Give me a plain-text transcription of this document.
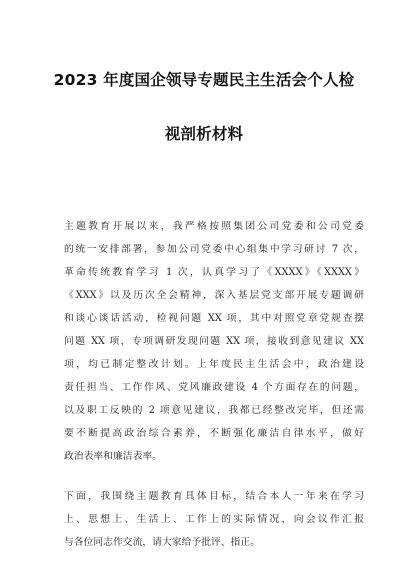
2023 年度国企领导专题民主生活会个人检
视剖析材料
主题教育开展以来，我严格按照集团公司党委和公司党委
的统一安排部署，参加公司党委中心组集中学习研讨 7 次，
革命传统教育学习 1 次，认真学习了《XXXX》《XXXX》
《XXX》以及历次全会精神，深入基层党支部开展专题调研
和谈心谈话活动，检视问题 XX 项，其中对照党章党规查摆
问题 XX 项，专项调研发现问题 XX 项，接收到意见建议 XX
项，均已制定整改计划。上年度民主生活会中，政治建设
责任担当、工作作风、党风廉政建设 4 个方面存在的问题，
以及职工反映的 2 项意见建议，我都已经整改完毕，但还需
要不断提高政治综合素养，不断强化廉洁自律水平，做好
政治表率和廉洁表率。
下面，我围绕主题教育具体目标，结合本人一年来在学习
上、思想上、生活上、工作上的实际情况，向会议作汇报
与各位同志作交流，请大家给予批评、指正。
